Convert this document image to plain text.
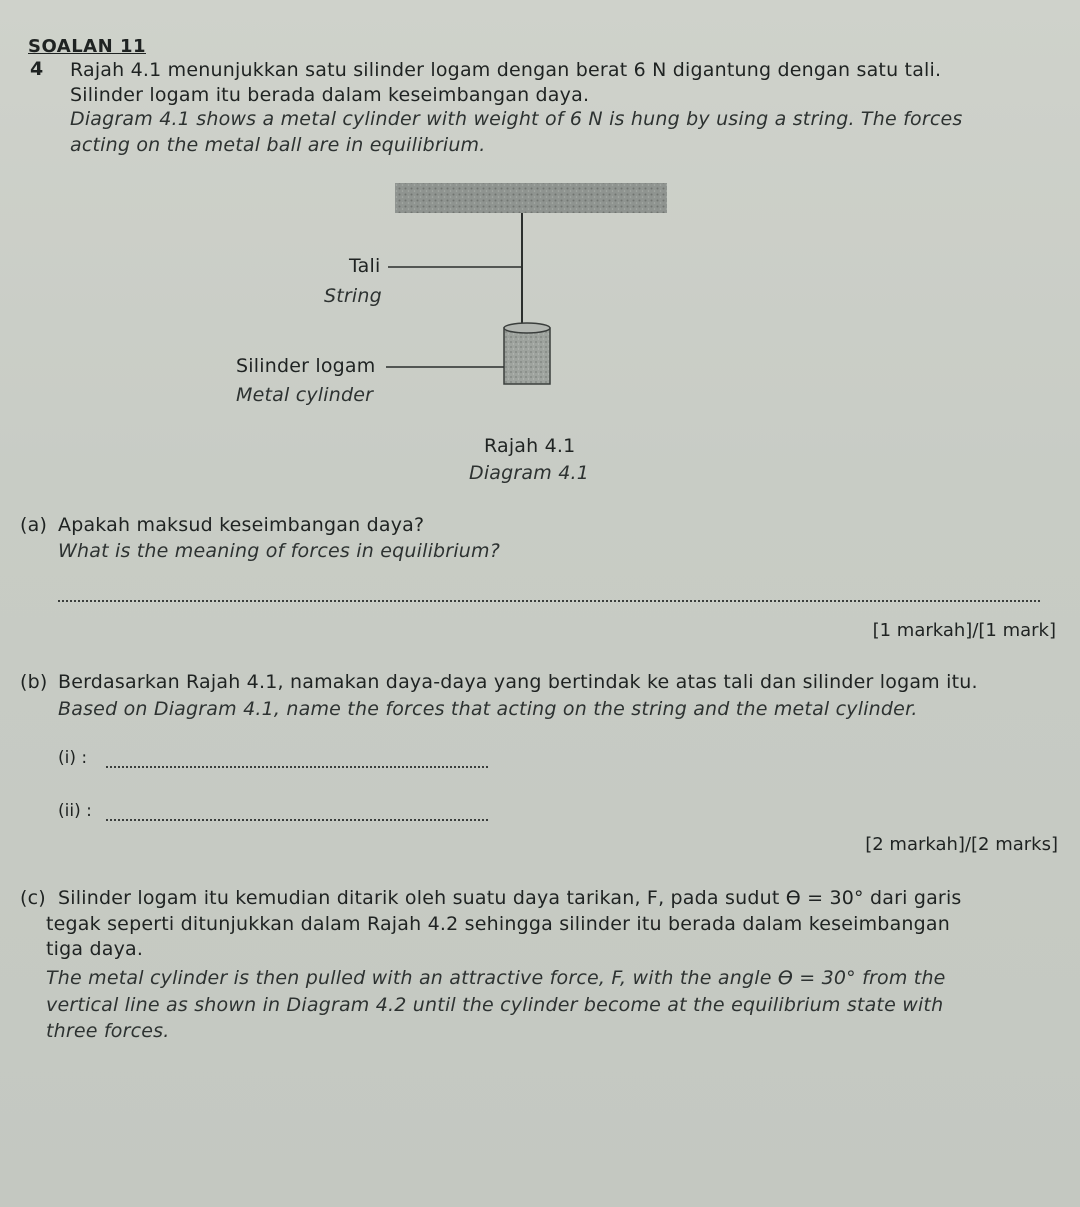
SOALAN 11
4 Rajah 4.1 menunjukkan satu silinder logam dengan berat 6 N digantung dengan satu tali.
Silinder logam itu berada dalam keseimbangan daya.
Diagram 4.1 shows a metal cylinder with weight of 6 N is hung by using a string. The forces
acting on the metal ball are in equilibrium.
Tali
String
Silinder logam
Metal cylinder
Rajah 4.1
Diagram 4.1
(a) Apakah maksud keseimbangan daya?
What is the meaning of forces in equilibrium?
[1 markah]/[1 mark]
(b) Berdasarkan Rajah 4.1, namakan daya-daya yang bertindak ke atas tali dan silinder logam itu.
Based on Diagram 4.1, name the forces that acting on the string and the metal cylinder.
(i) :
(ii) :
[2 markah]/[2 marks]
(c) Silinder logam itu kemudian ditarik oleh suatu daya tarikan, F, pada sudut ϴ = 30° dari garis
tegak seperti ditunjukkan dalam Rajah 4.2 sehingga silinder itu berada dalam keseimbangan
tiga daya.
The metal cylinder is then pulled with an attractive force, F, with the angle ϴ = 30° from the
vertical line as shown in Diagram 4.2 until the cylinder become at the equilibrium state with
three forces.
